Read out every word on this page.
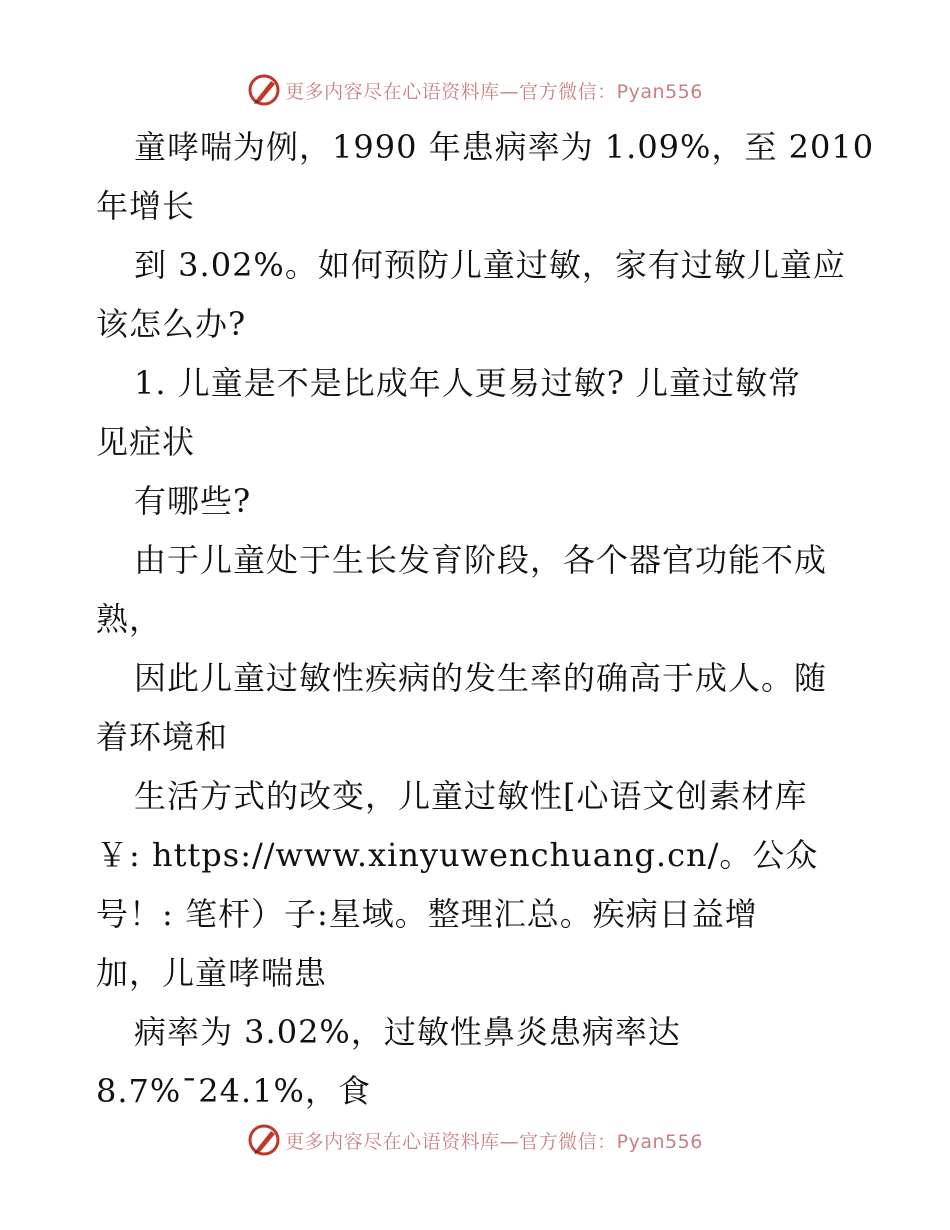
更多内容尽在心语资料库—官方微信：Pyan556
童哮喘为例，1990 年患病率为 1.09%，至 2010
年增长
到 3.02%。如何预防儿童过敏，家有过敏儿童应
该怎么办?
1. 儿童是不是比成年人更易过敏? 儿童过敏常
见症状
有哪些?
由于儿童处于生长发育阶段，各个器官功能不成
熟，
因此儿童过敏性疾病的发生率的确高于成人。随
着环境和
生活方式的改变，儿童过敏性[心语文创素材库
￥: https://www.xinyuwenchuang.cn/。公众
号！: 笔杆）子:星域。整理汇总。疾病日益增
加，儿童哮喘患
病率为 3.02%，过敏性鼻炎患病率达
8.7%¯24.1%，食
更多内容尽在心语资料库—官方微信：Pyan556
